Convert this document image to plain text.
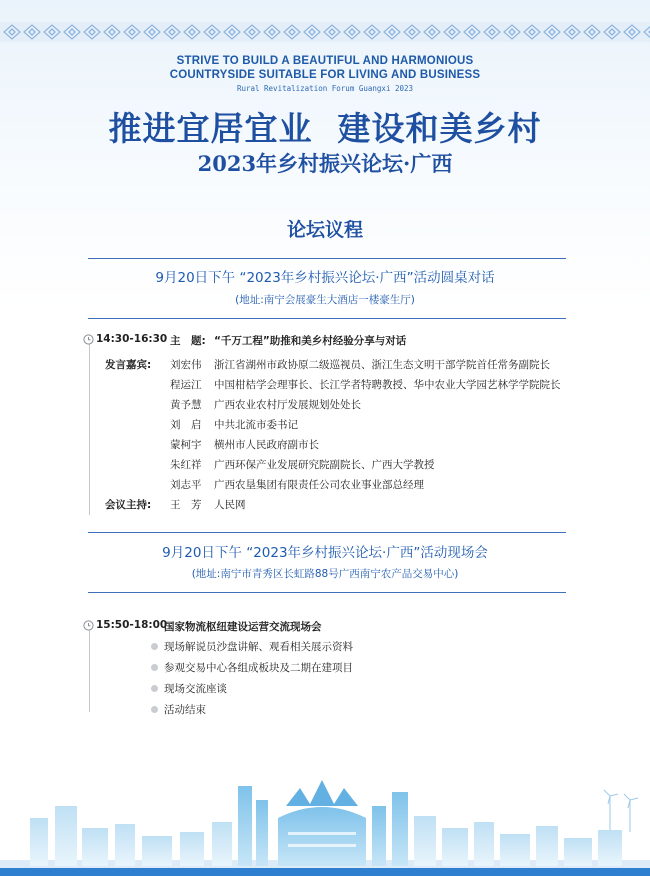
STRIVE TO BUILD A BEAUTIFUL AND HARMONIOUS
COUNTRYSIDE SUITABLE FOR LIVING AND BUSINESS
Rural Revitalization Forum Guangxi 2023
推进宜居宜业  建设和美乡村
2023年乡村振兴论坛·广西
论坛议程
9月20日下午 “2023年乡村振兴论坛·广西”活动圆桌对话
(地址:南宁会展豪生大酒店一楼豪生厅)
14:30-16:30 主　题: “千万工程”助推和美乡村经验分享与对话
发言嘉宾: 刘宏伟 浙江省湖州市政协原二级巡视员、浙江生态文明干部学院首任常务副院长
程运江 中国柑桔学会理事长、长江学者特聘教授、华中农业大学园艺林学学院院长
黄予慧 广西农业农村厅发展规划处处长
刘　启 中共北流市委书记
蒙柯宇 横州市人民政府副市长
朱红祥 广西环保产业发展研究院副院长、广西大学教授
刘志平 广西农垦集团有限责任公司农业事业部总经理
会议主持: 王　芳 人民网
9月20日下午 “2023年乡村振兴论坛·广西”活动现场会
(地址:南宁市青秀区长虹路88号广西南宁农产品交易中心)
15:50-18:00
国家物流枢纽建设运营交流现场会
现场解说员沙盘讲解、观看相关展示资料
参观交易中心各组成板块及二期在建项目
现场交流座谈
活动结束
